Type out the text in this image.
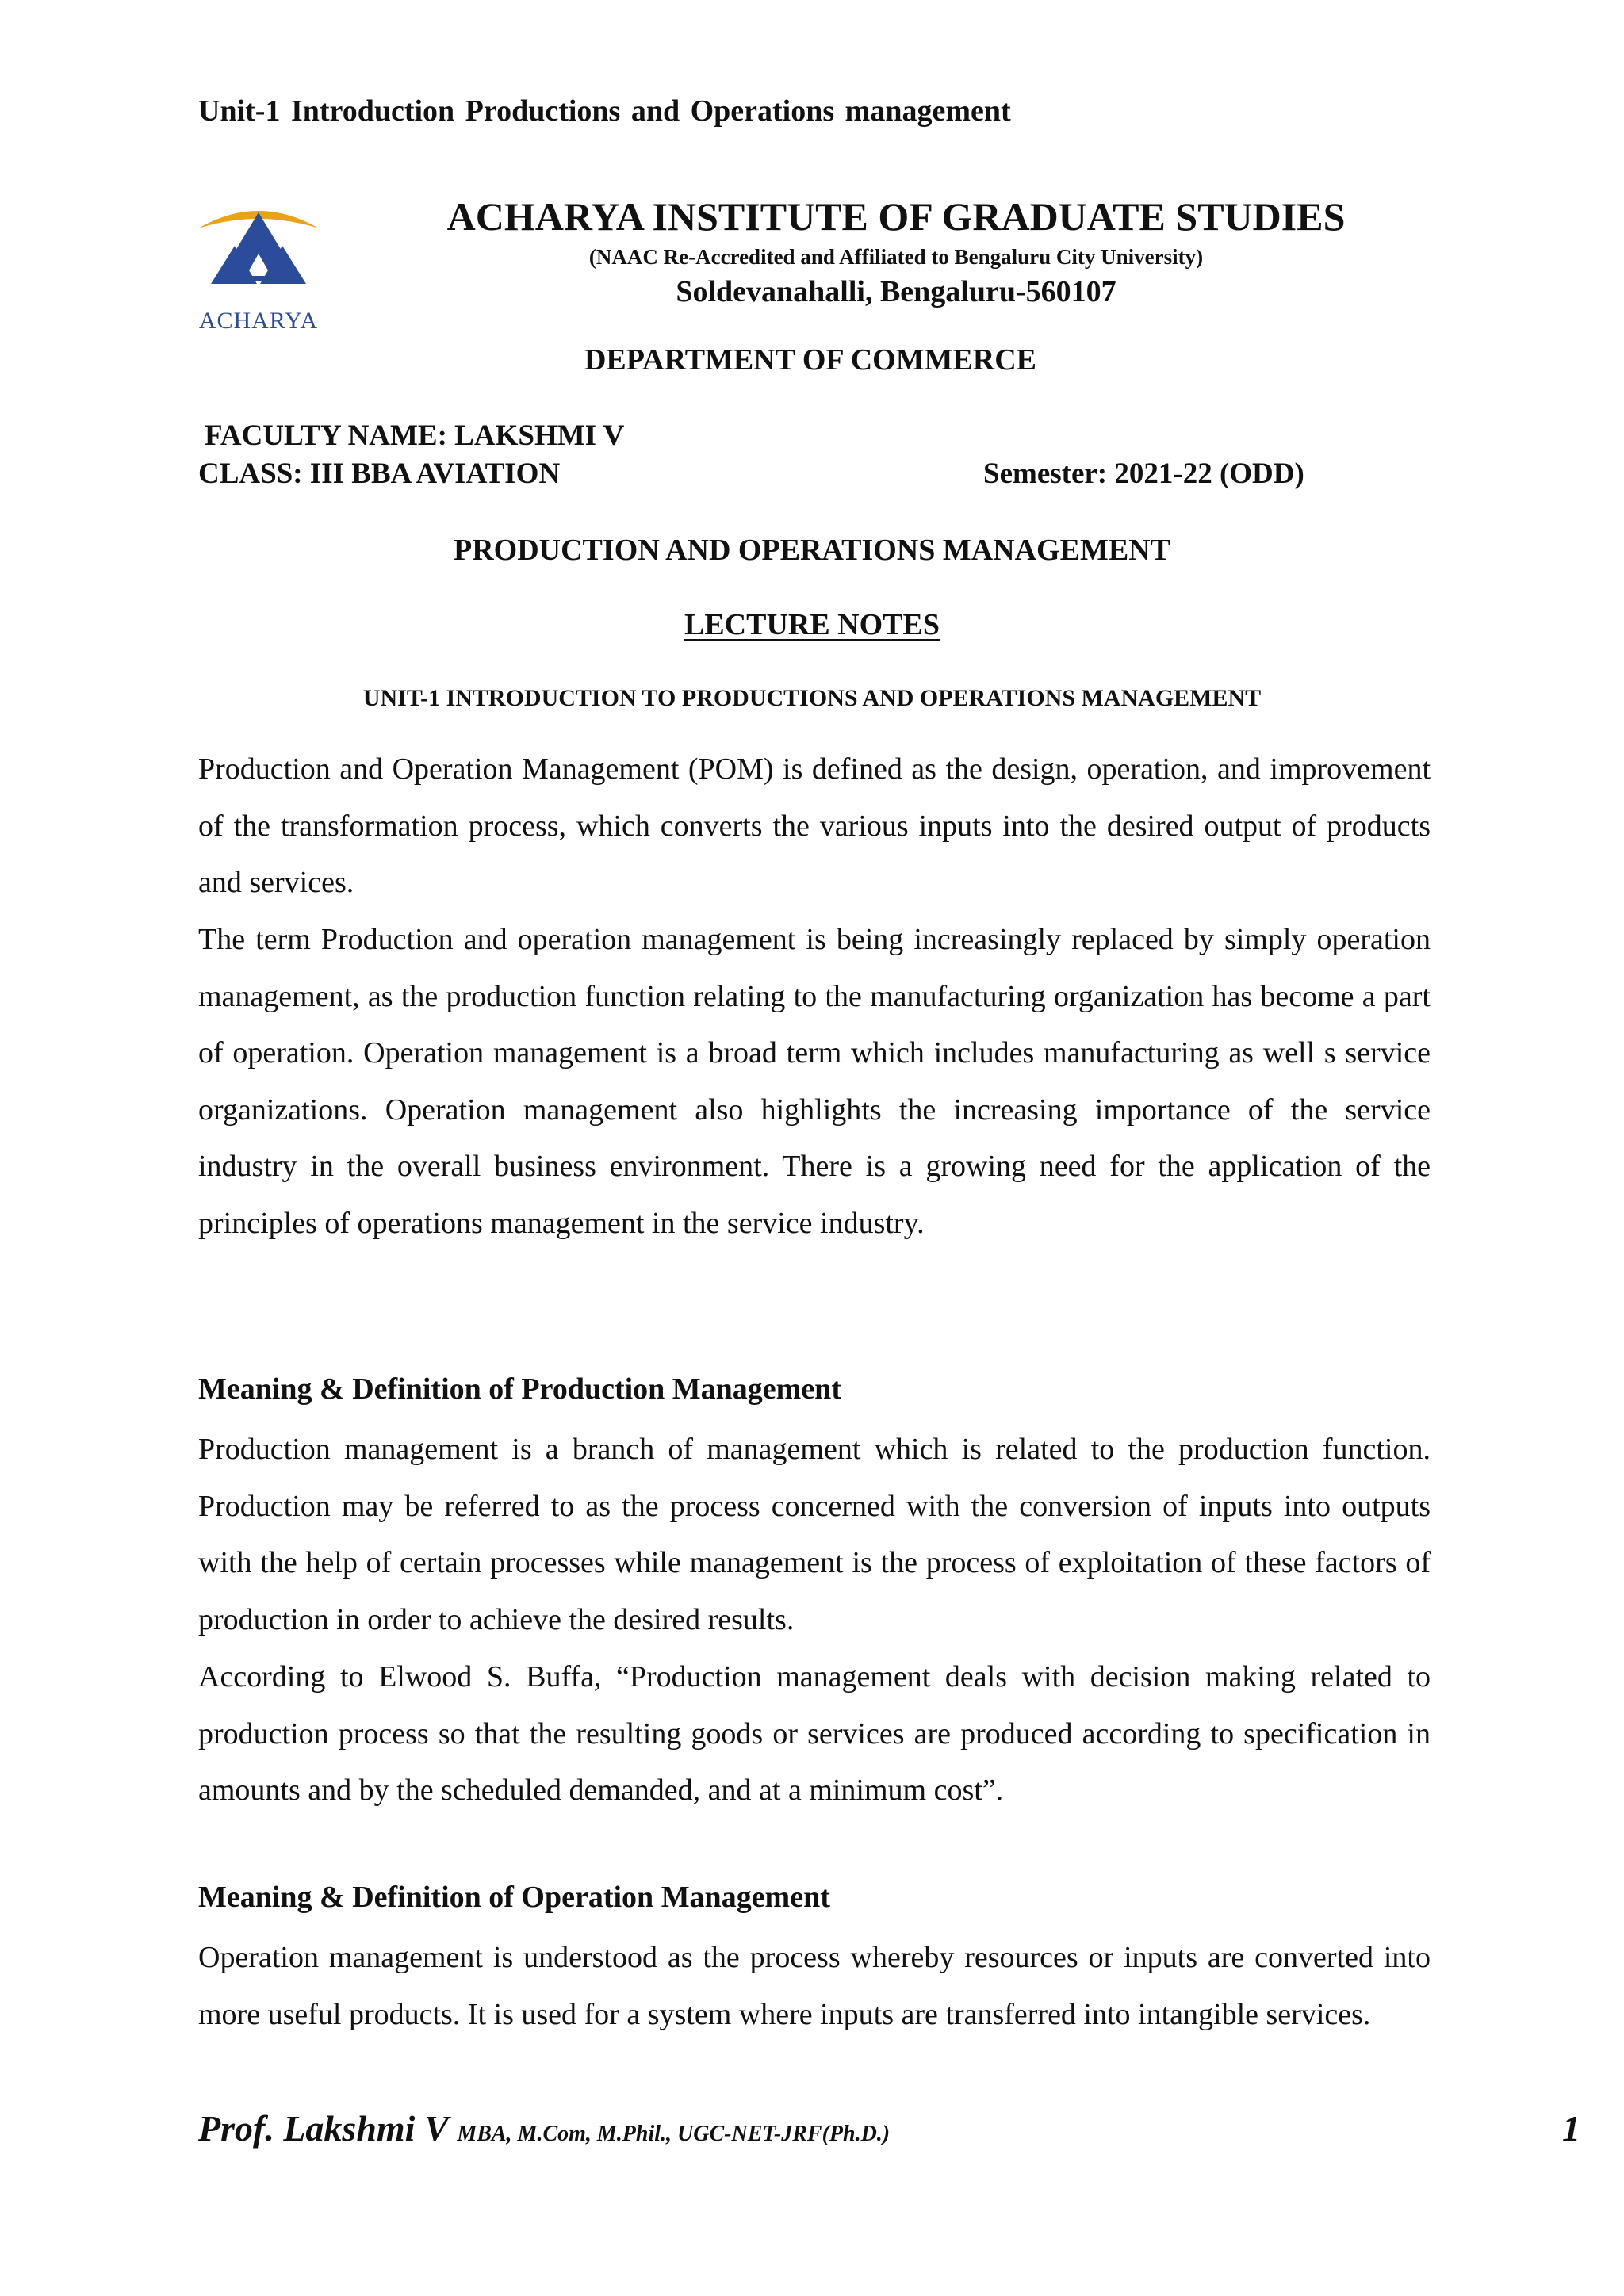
Unit-1 Introduction Productions and Operations management
ACHARYA
ACHARYA INSTITUTE OF GRADUATE STUDIES
(NAAC Re-Accredited and Affiliated to Bengaluru City University)
Soldevanahalli, Bengaluru-560107
DEPARTMENT OF COMMERCE
FACULTY NAME: LAKSHMI V
CLASS: III BBA AVIATION	Semester: 2021-22 (ODD)
PRODUCTION AND OPERATIONS MANAGEMENT
LECTURE NOTES
UNIT-1 INTRODUCTION TO PRODUCTIONS AND OPERATIONS MANAGEMENT
Production and Operation Management (POM) is defined as the design, operation, and improvement of the transformation process, which converts the various inputs into the desired output of products and services.
The term Production and operation management is being increasingly replaced by simply operation management, as the production function relating to the manufacturing organization has become a part of operation. Operation management is a broad term which includes manufacturing as well s service organizations. Operation management also highlights the increasing importance of the service industry in the overall business environment. There is a growing need for the application of the principles of operations management in the service industry.
Meaning & Definition of Production Management
Production management is a branch of management which is related to the production function. Production may be referred to as the process concerned with the conversion of inputs into outputs with the help of certain processes while management is the process of exploitation of these factors of production in order to achieve the desired results.
According to Elwood S. Buffa, “Production management deals with decision making related to production process so that the resulting goods or services are produced according to specification in amounts and by the scheduled demanded, and at a minimum cost”.
Meaning & Definition of Operation Management
Operation management is understood as the process whereby resources or inputs are converted into more useful products. It is used for a system where inputs are transferred into intangible services.
Prof. Lakshmi V MBA, M.Com, M.Phil., UGC-NET-JRF(Ph.D.)	1
